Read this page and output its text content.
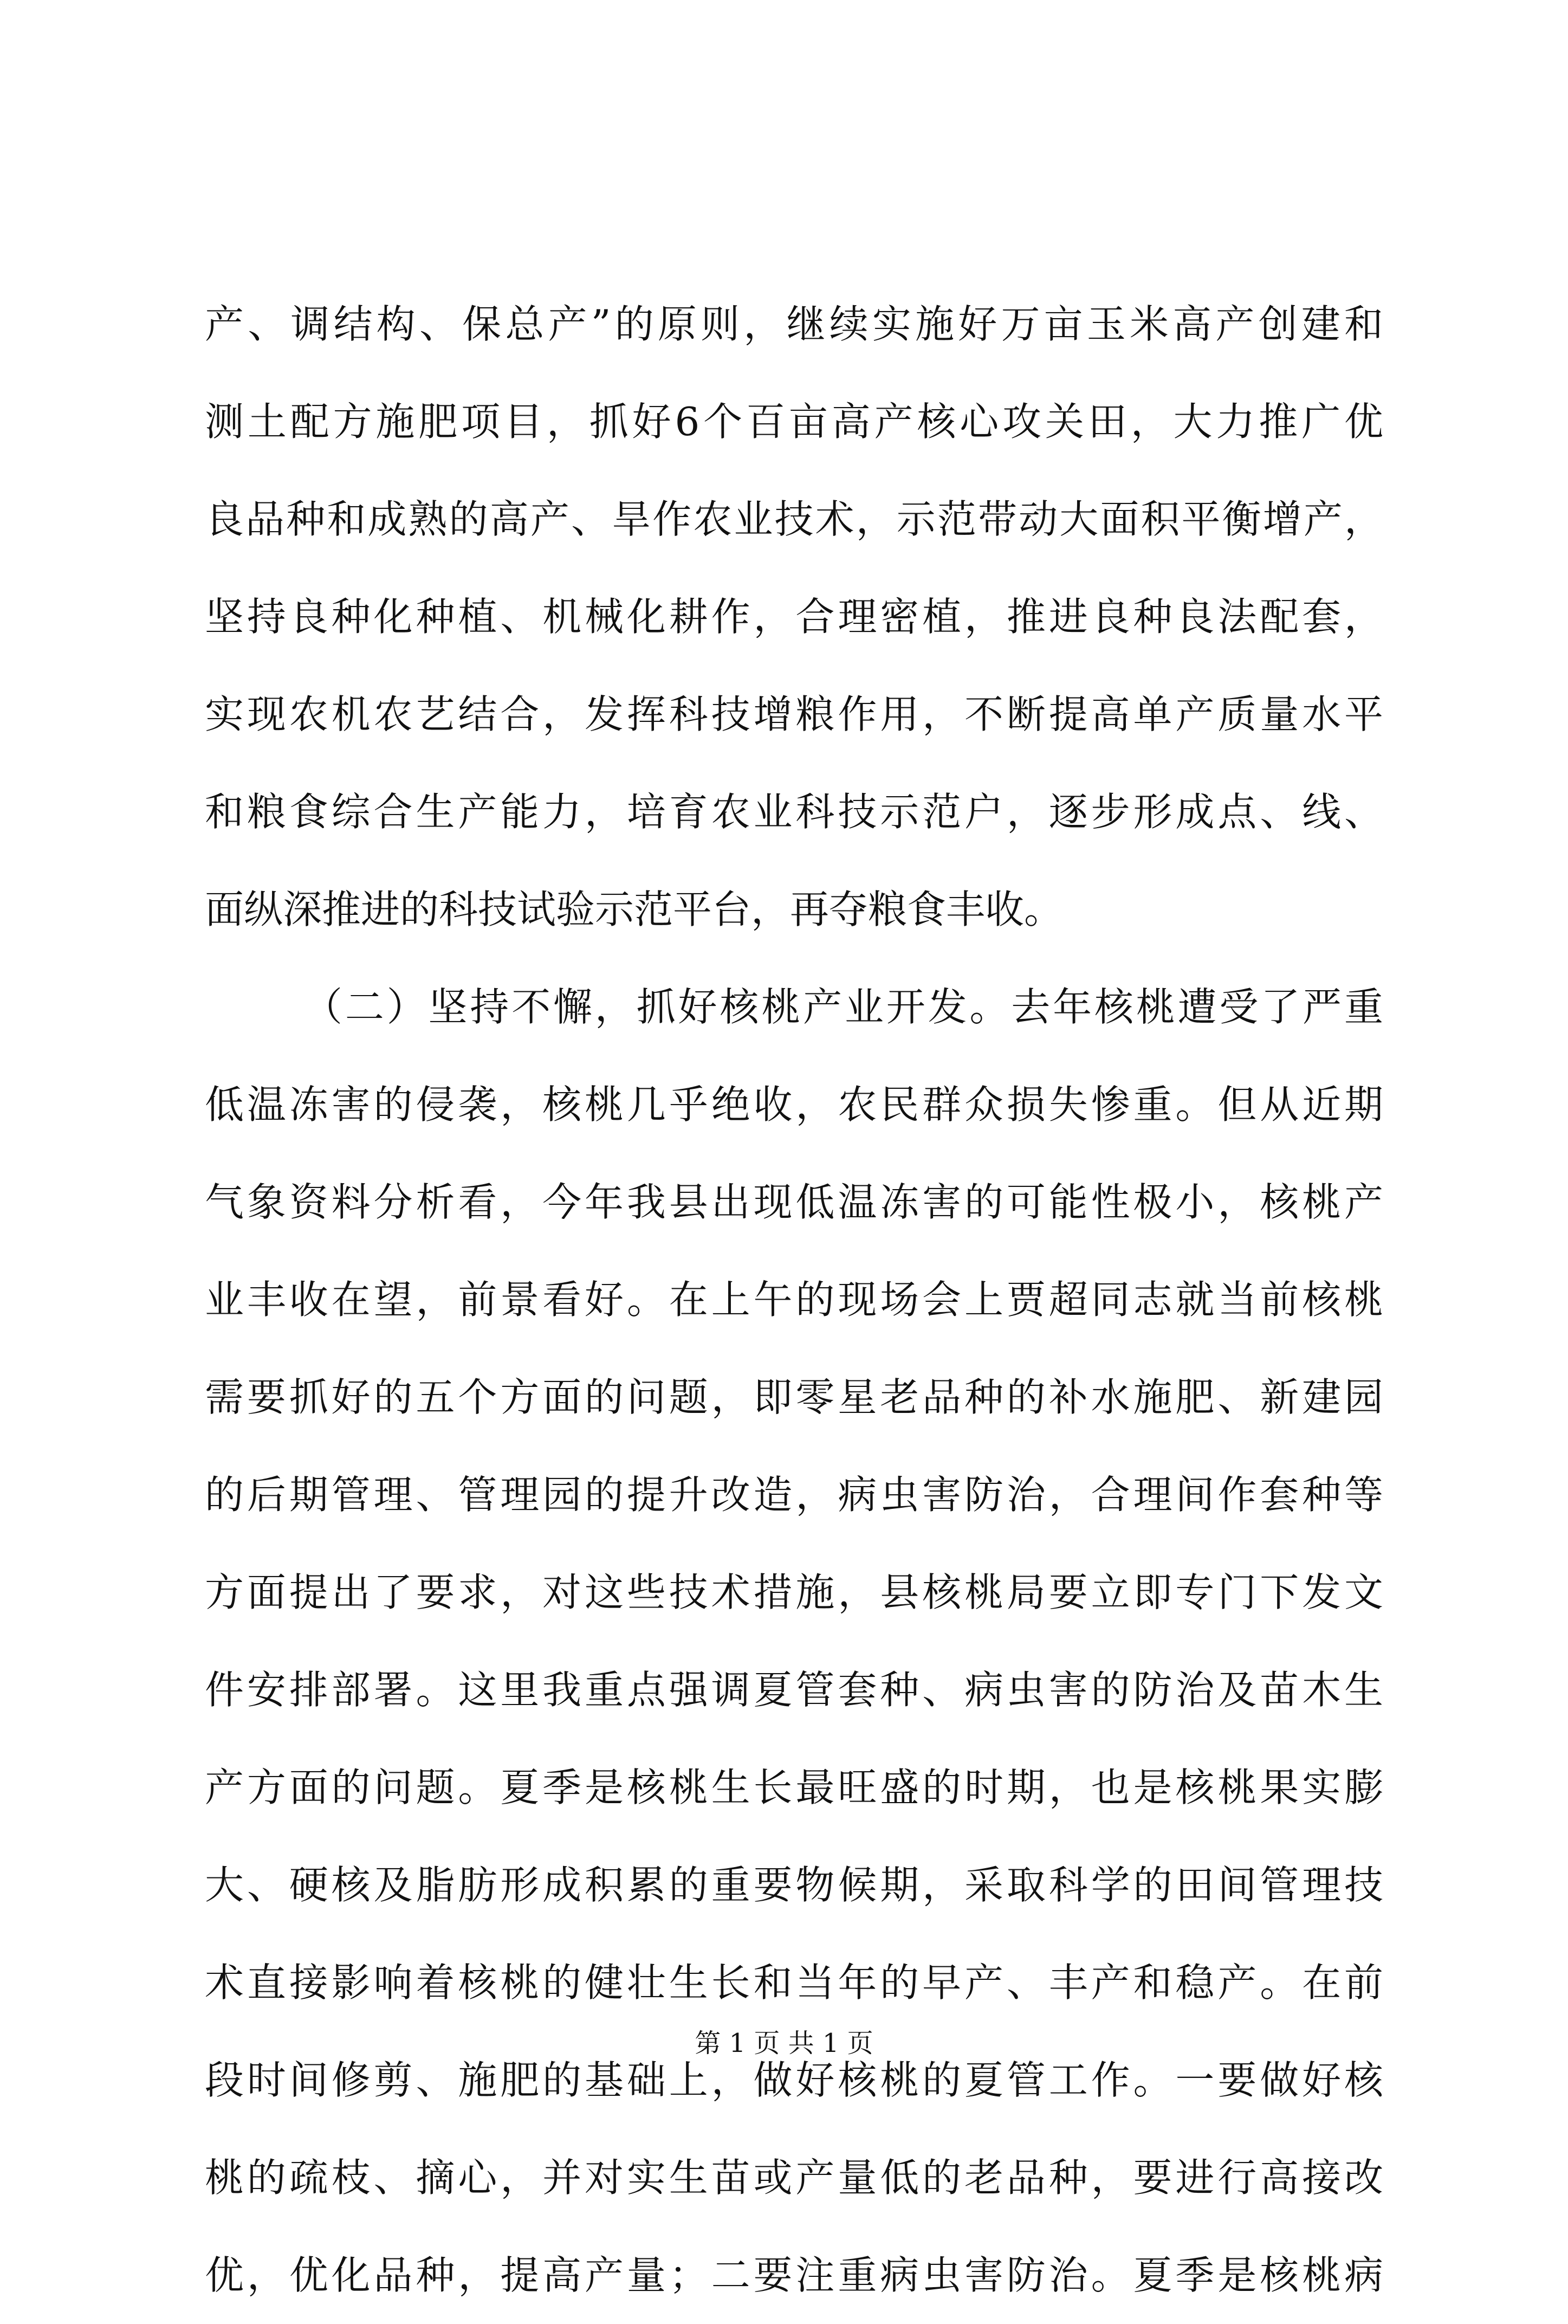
产、调结构、保总产”的原则，继续实施好万亩玉米高产创建和
测土配方施肥项目，抓好6个百亩高产核心攻关田，大力推广优
良品种和成熟的高产、旱作农业技术，示范带动大面积平衡增产，
坚持良种化种植、机械化耕作，合理密植，推进良种良法配套，
实现农机农艺结合，发挥科技增粮作用，不断提高单产质量水平
和粮食综合生产能力，培育农业科技示范户，逐步形成点、线、
面纵深推进的科技试验示范平台，再夺粮食丰收。
（二）坚持不懈，抓好核桃产业开发。去年核桃遭受了严重
低温冻害的侵袭，核桃几乎绝收，农民群众损失惨重。但从近期
气象资料分析看，今年我县出现低温冻害的可能性极小，核桃产
业丰收在望，前景看好。在上午的现场会上贾超同志就当前核桃
需要抓好的五个方面的问题，即零星老品种的补水施肥、新建园
的后期管理、管理园的提升改造，病虫害防治，合理间作套种等
方面提出了要求，对这些技术措施，县核桃局要立即专门下发文
件安排部署。这里我重点强调夏管套种、病虫害的防治及苗木生
产方面的问题。夏季是核桃生长最旺盛的时期，也是核桃果实膨
大、硬核及脂肪形成积累的重要物候期，采取科学的田间管理技
术直接影响着核桃的健壮生长和当年的早产、丰产和稳产。在前
段时间修剪、施肥的基础上，做好核桃的夏管工作。一要做好核
桃的疏枝、摘心，并对实生苗或产量低的老品种，要进行高接改
优，优化品种，提高产量；二要注重病虫害防治。夏季是核桃病
第 1 页 共 1 页
